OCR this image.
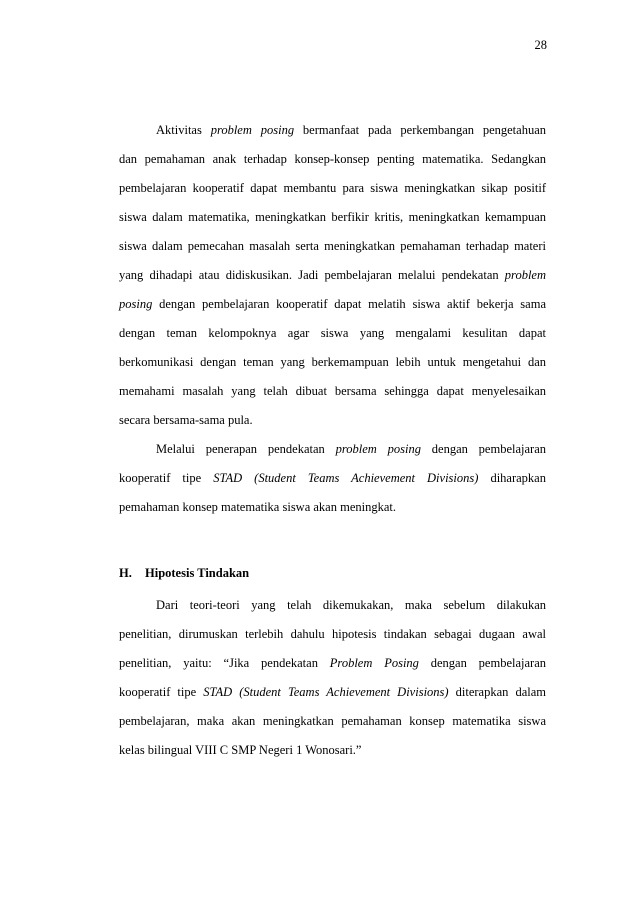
28
Aktivitas problem posing bermanfaat pada perkembangan pengetahuan
dan pemahaman anak terhadap konsep-konsep penting matematika. Sedangkan
pembelajaran kooperatif dapat membantu para siswa meningkatkan sikap positif
siswa dalam matematika, meningkatkan berfikir kritis, meningkatkan kemampuan
siswa dalam pemecahan masalah serta meningkatkan pemahaman terhadap materi
yang dihadapi atau didiskusikan. Jadi pembelajaran melalui pendekatan problem
posing dengan pembelajaran kooperatif dapat melatih siswa aktif bekerja sama
dengan teman kelompoknya agar siswa yang mengalami kesulitan dapat
berkomunikasi dengan teman yang berkemampuan lebih untuk mengetahui dan
memahami masalah yang telah dibuat bersama sehingga dapat menyelesaikan
secara bersama-sama pula.
Melalui penerapan pendekatan problem posing dengan pembelajaran
kooperatif tipe STAD (Student Teams Achievement Divisions) diharapkan
pemahaman konsep matematika siswa akan meningkat.
H. Hipotesis Tindakan
Dari teori-teori yang telah dikemukakan, maka sebelum dilakukan
penelitian, dirumuskan terlebih dahulu hipotesis tindakan sebagai dugaan awal
penelitian, yaitu: “Jika pendekatan Problem Posing dengan pembelajaran
kooperatif tipe STAD (Student Teams Achievement Divisions) diterapkan dalam
pembelajaran, maka akan meningkatkan pemahaman konsep matematika siswa
kelas bilingual VIII C SMP Negeri 1 Wonosari.”
